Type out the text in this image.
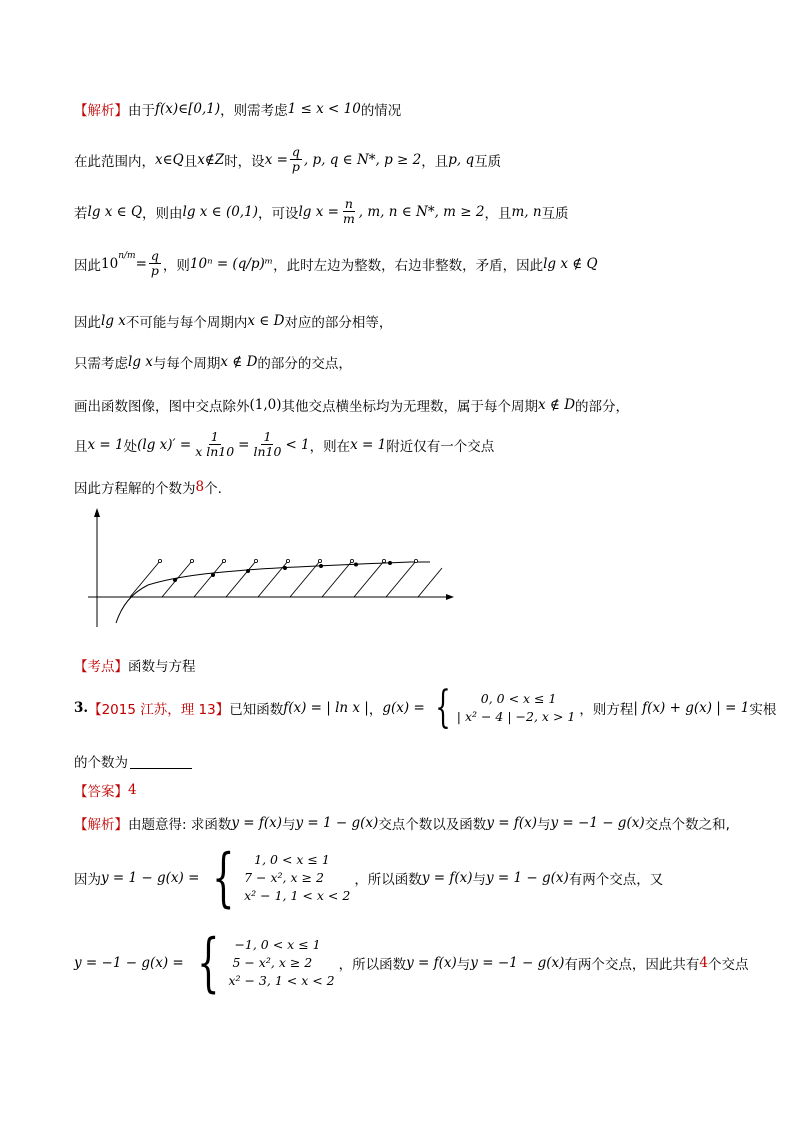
【解析】 由于 f(x)∈[0,1) ，则需考虑 1 ≤ x < 10 的情况
在此范围内， x∈Q 且 x∉Z 时，设 $x = \frac{q}{p}$ , p, q ∈ N*, p ≥ 2 ，且 p, q 互质
若 lg x ∈ Q ，则由 lg x ∈ (0,1) ，可设 $\lg x = \frac{n}{m}$ , m, n ∈ N*, m ≥ 2 ，且 m, n 互质
因此 $10^{n/m} = \frac{q}{p}$ ，则 10ⁿ = (q/p)ᵐ ，此时左边为整数，右边非整数，矛盾，因此 lg x ∉ Q
因此 lg x 不可能与每个周期内 x ∈ D 对应的部分相等，
只需考虑 lg x 与每个周期 x ∉ D 的部分的交点，
画出函数图像，图中交点除外 (1,0) 其他交点横坐标均为无理数，属于每个周期 x ∉ D 的部分，
且 x = 1 处 (lg $x)' = \frac{1}{\text{x ln10}} = \frac{1}{\ln 10} < 1$ ，则在 x = 1 附近仅有一个交点
因此方程解的个数为 8 个.
【考点】 函数与方程
3. 【2015 江苏，理 13】 已知函数 f(x) = | ln x | ， g(x) = {	0, 0 < x ≤ 1
| x² − 4 | −2, x > 1 ，则方程 | f(x) + g(x) | = 1 实根
的个数为
【答案】 4
【解析】 由题意得: 求函数 y = f(x) 与 y = 1 − g(x) 交点个数以及函数 y = f(x) 与 y = −1 − g(x) 交点个数之和,
因为 y = 1 − g(x) = {	1, 0 < x ≤ 1
7 − x², x ≥ 2
x² − 1, 1 < x < 2
，所以函数 y = f(x) 与 y = 1 − g(x) 有两个交点，又
y = −1 − g(x) = {	−1, 0 < x ≤ 1
5 − x², x ≥ 2
x² − 3, 1 < x < 2
，所以函数 y = f(x) 与 y = −1 − g(x) 有两个交点，因此共有 4 个交点
